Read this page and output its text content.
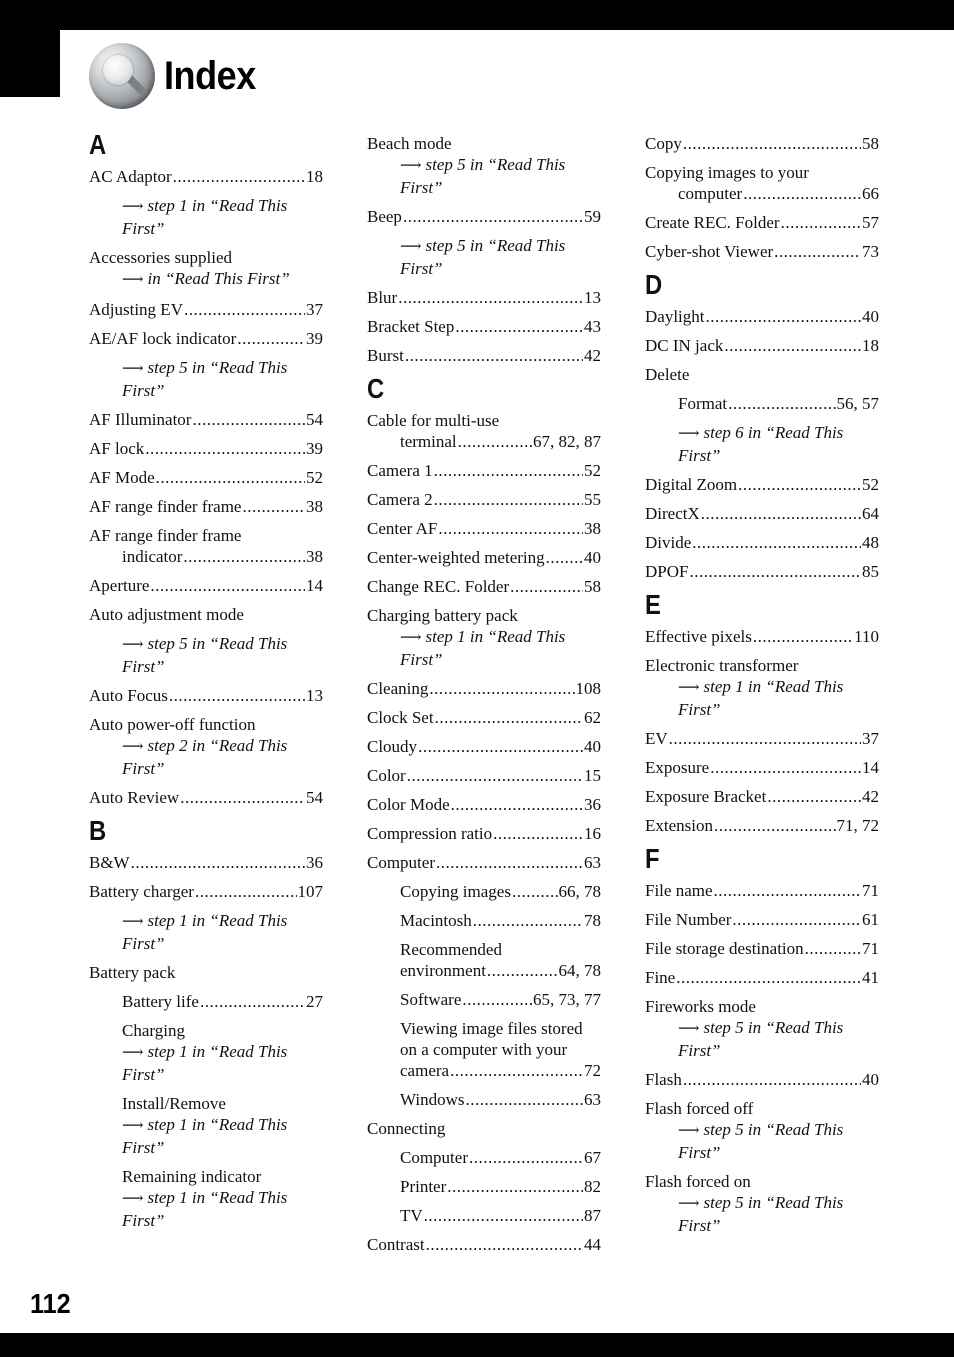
Index
A
AC Adaptor .....	18
⟶ step 1 in “Read This
First”
Accessories supplied
⟶ in “Read This First”
Adjusting EV .....	37
AE/AF lock indicator .....	39
⟶ step 5 in “Read This
First”
AF Illuminator .....	54
AF lock .....	39
AF Mode .....	52
AF range finder frame .....	38
AF range finder frame
indicator .....	38
Aperture .....	14
Auto adjustment mode
⟶ step 5 in “Read This
First”
Auto Focus .....	13
Auto power-off function
⟶ step 2 in “Read This
First”
Auto Review .....	54
B
B&W .....	36
Battery charger .....	107
⟶ step 1 in “Read This
First”
Battery pack
Battery life .....	27
Charging
⟶ step 1 in “Read This
First”
Install/Remove
⟶ step 1 in “Read This
First”
Remaining indicator
⟶ step 1 in “Read This
First”
Beach mode
⟶ step 5 in “Read This
First”
Beep .....	59
⟶ step 5 in “Read This
First”
Blur .....	13
Bracket Step .....	43
Burst .....	42
C
Cable for multi-use
terminal .....	67, 82, 87
Camera 1 .....	52
Camera 2 .....	55
Center AF .....	38
Center-weighted metering ..... 40
Change REC. Folder .....	58
Charging battery pack
⟶ step 1 in “Read This
First”
Cleaning .....	108
Clock Set .....	62
Cloudy .....	40
Color .....	15
Color Mode .....	36
Compression ratio .....	16
Computer .....	63
Copying images .....	66, 78
Macintosh .....	78
Recommended
environment .....	64, 78
Software .....	65, 73, 77
Viewing image files stored
on a computer with your
camera .....	72
Windows .....	63
Connecting
Computer .....	67
Printer .....	82
TV .....	87
Contrast .....	44
Copy .....	58
Copying images to your
computer .....	66
Create REC. Folder .....	57
Cyber-shot Viewer .....	73
D
Daylight .....	40
DC IN jack .....	18
Delete
Format .....	56, 57
⟶ step 6 in “Read This
First”
Digital Zoom .....	52
DirectX .....	64
Divide .....	48
DPOF .....	85
E
Effective pixels .....	110
Electronic transformer
⟶ step 1 in “Read This
First”
EV .....	37
Exposure .....	14
Exposure Bracket .....	42
Extension .....	71, 72
F
File name .....	71
File Number .....	61
File storage destination .....	71
Fine .....	41
Fireworks mode
⟶ step 5 in “Read This
First”
Flash .....	40
Flash forced off
⟶ step 5 in “Read This
First”
Flash forced on
⟶ step 5 in “Read This
First”
112
